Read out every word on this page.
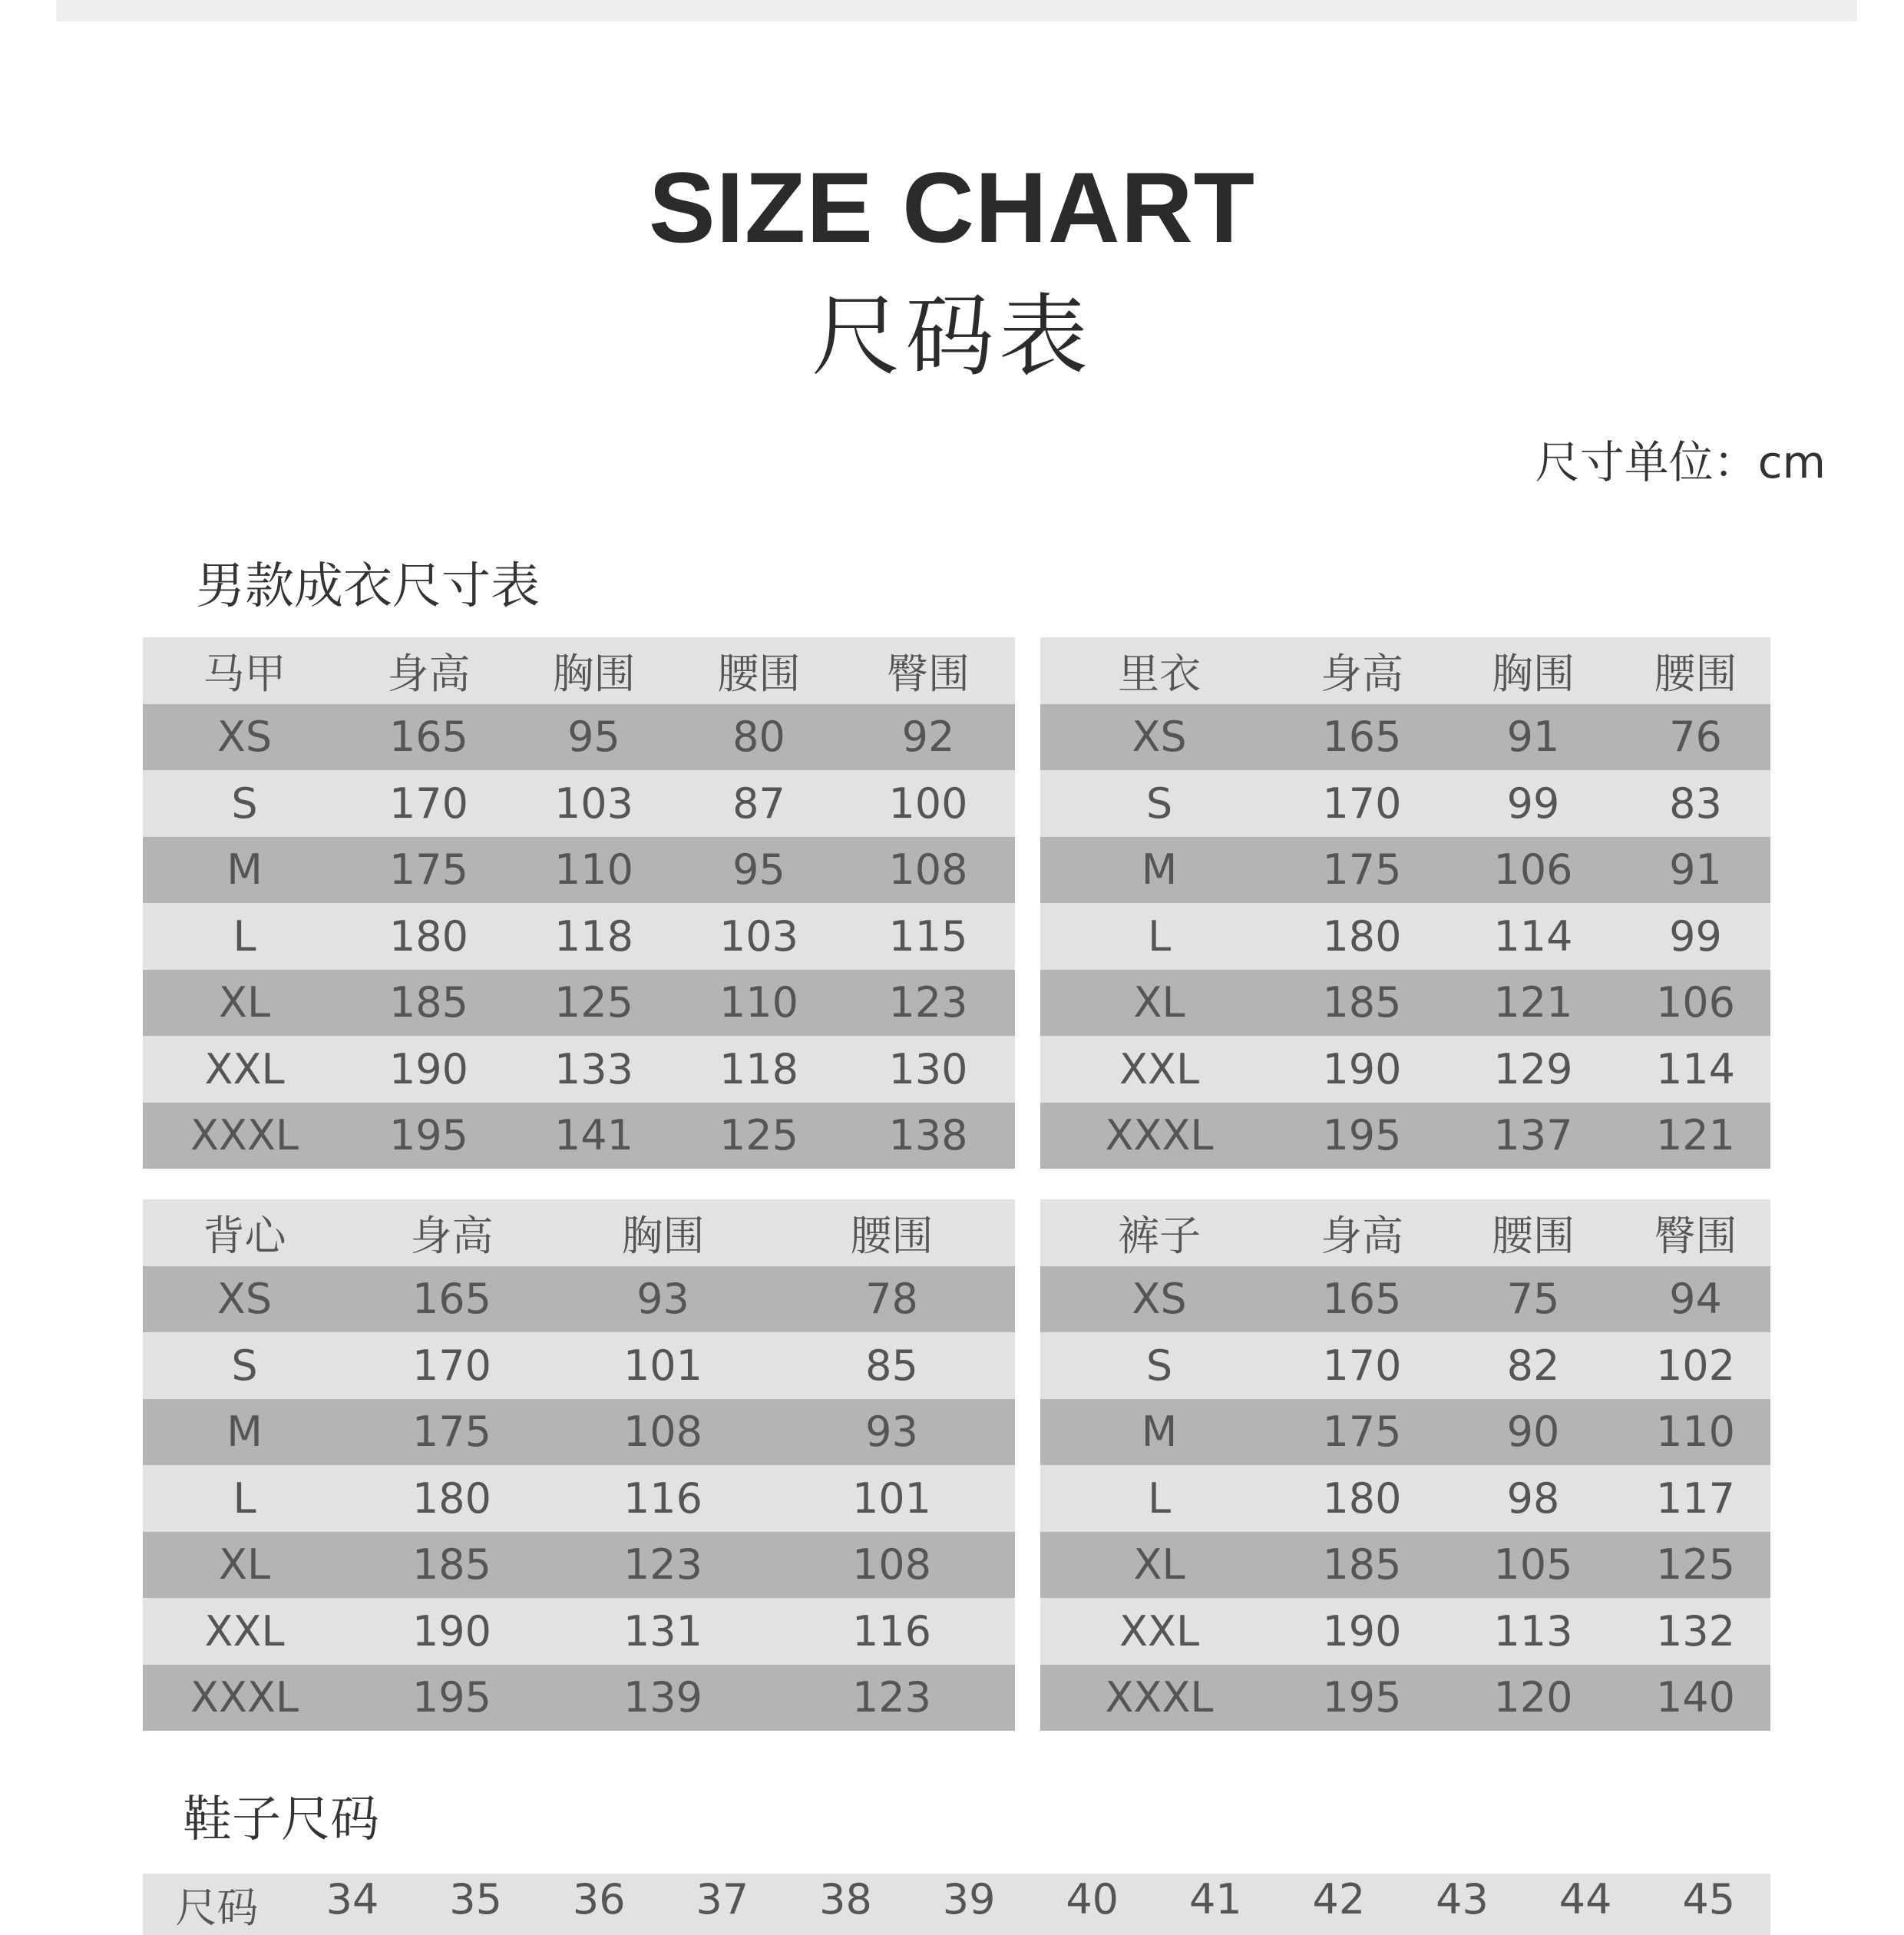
SIZE CHART
尺码表
尺寸单位：cm
男款成衣尺寸表
马甲	身高	胸围	腰围	臀围
XS	165	95	80	92
S	170	103	87	100
M	175	110	95	108
L	180	118	103	115
XL	185	125	110	123
XXL	190	133	118	130
XXXL	195	141	125	138
里衣	身高	胸围	腰围
XS	165	91	76
S	170	99	83
M	175	106	91
L	180	114	99
XL	185	121	106
XXL	190	129	114
XXXL	195	137	121
背心	身高	胸围	腰围
XS	165	93	78
S	170	101	85
M	175	108	93
L	180	116	101
XL	185	123	108
XXL	190	131	116
XXXL	195	139	123
裤子	身高	腰围	臀围
XS	165	75	94
S	170	82	102
M	175	90	110
L	180	98	117
XL	185	105	125
XXL	190	113	132
XXXL	195	120	140
鞋子尺码
尺码	34	35	36	37	38	39	40	41	42	43	44	45
